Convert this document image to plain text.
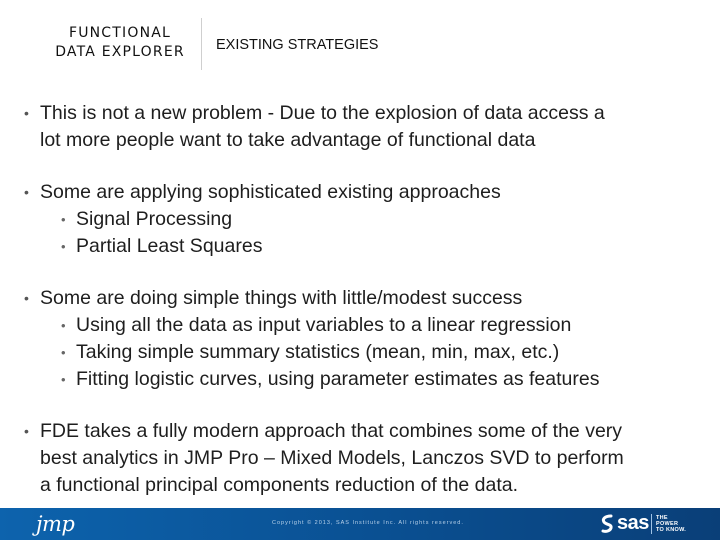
FUNCTIONAL
DATA EXPLORER	EXISTING STRATEGIES
• This is not a new problem - Due to the explosion of data access a
lot more people want to take advantage of functional data
• Some are applying sophisticated existing approaches
• Signal Processing
• Partial Least Squares
• Some are doing simple things with little/modest success
• Using all the data as input variables to a linear regression
• Taking simple summary statistics (mean, min, max, etc.)
• Fitting logistic curves, using parameter estimates as features
• FDE takes a fully modern approach that combines some of the very
best analytics in JMP Pro – Mixed Models, Lanczos SVD to perform
a functional principal components reduction of the data.
jmp	Copyright © 2013, SAS Institute Inc. All rights reserved.	sas THE
POWER
TO KNOW.
